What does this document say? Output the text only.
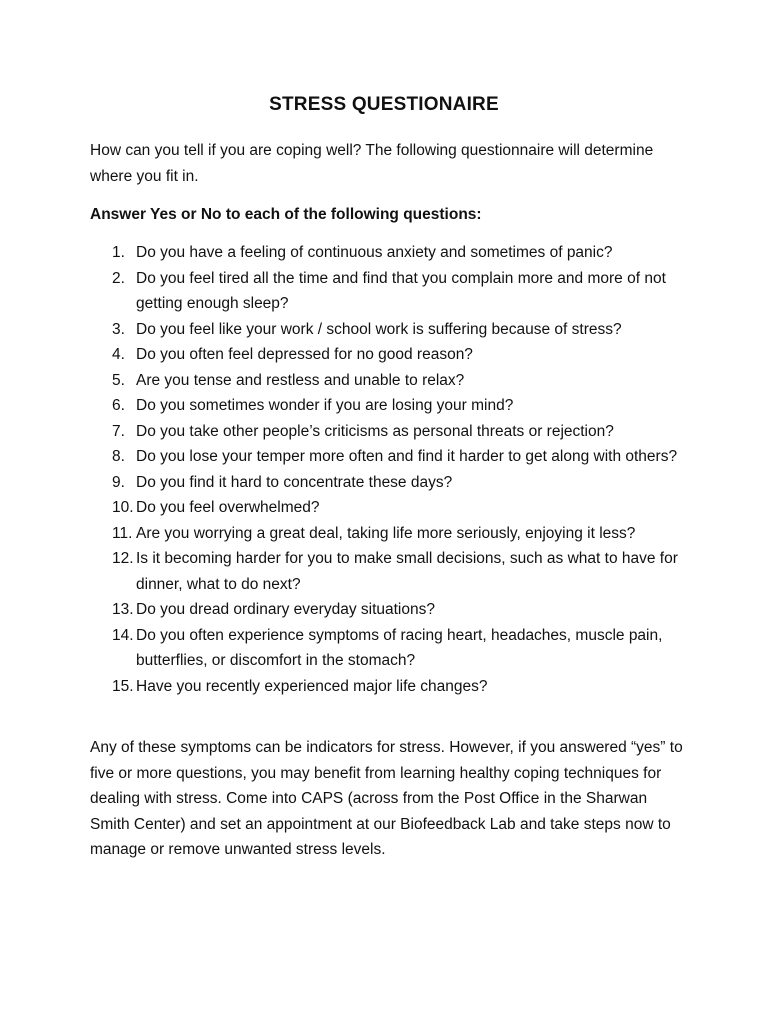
STRESS QUESTIONAIRE
How can you tell if you are coping well? The following questionnaire will determine where you fit in.
Answer Yes or No to each of the following questions:
1. Do you have a feeling of continuous anxiety and sometimes of panic?
2. Do you feel tired all the time and find that you complain more and more of not getting enough sleep?
3. Do you feel like your work / school work is suffering because of stress?
4. Do you often feel depressed for no good reason?
5. Are you tense and restless and unable to relax?
6. Do you sometimes wonder if you are losing your mind?
7. Do you take other people’s criticisms as personal threats or rejection?
8. Do you lose your temper more often and find it harder to get along with others?
9. Do you find it hard to concentrate these days?
10. Do you feel overwhelmed?
11. Are you worrying a great deal, taking life more seriously, enjoying it less?
12. Is it becoming harder for you to make small decisions, such as what to have for dinner, what to do next?
13. Do you dread ordinary everyday situations?
14. Do you often experience symptoms of racing heart, headaches, muscle pain, butterflies, or discomfort in the stomach?
15. Have you recently experienced major life changes?
Any of these symptoms can be indicators for stress. However, if you answered “yes” to five or more questions, you may benefit from learning healthy coping techniques for dealing with stress. Come into CAPS (across from the Post Office in the Sharwan Smith Center) and set an appointment at our Biofeedback Lab and take steps now to manage or remove unwanted stress levels.
